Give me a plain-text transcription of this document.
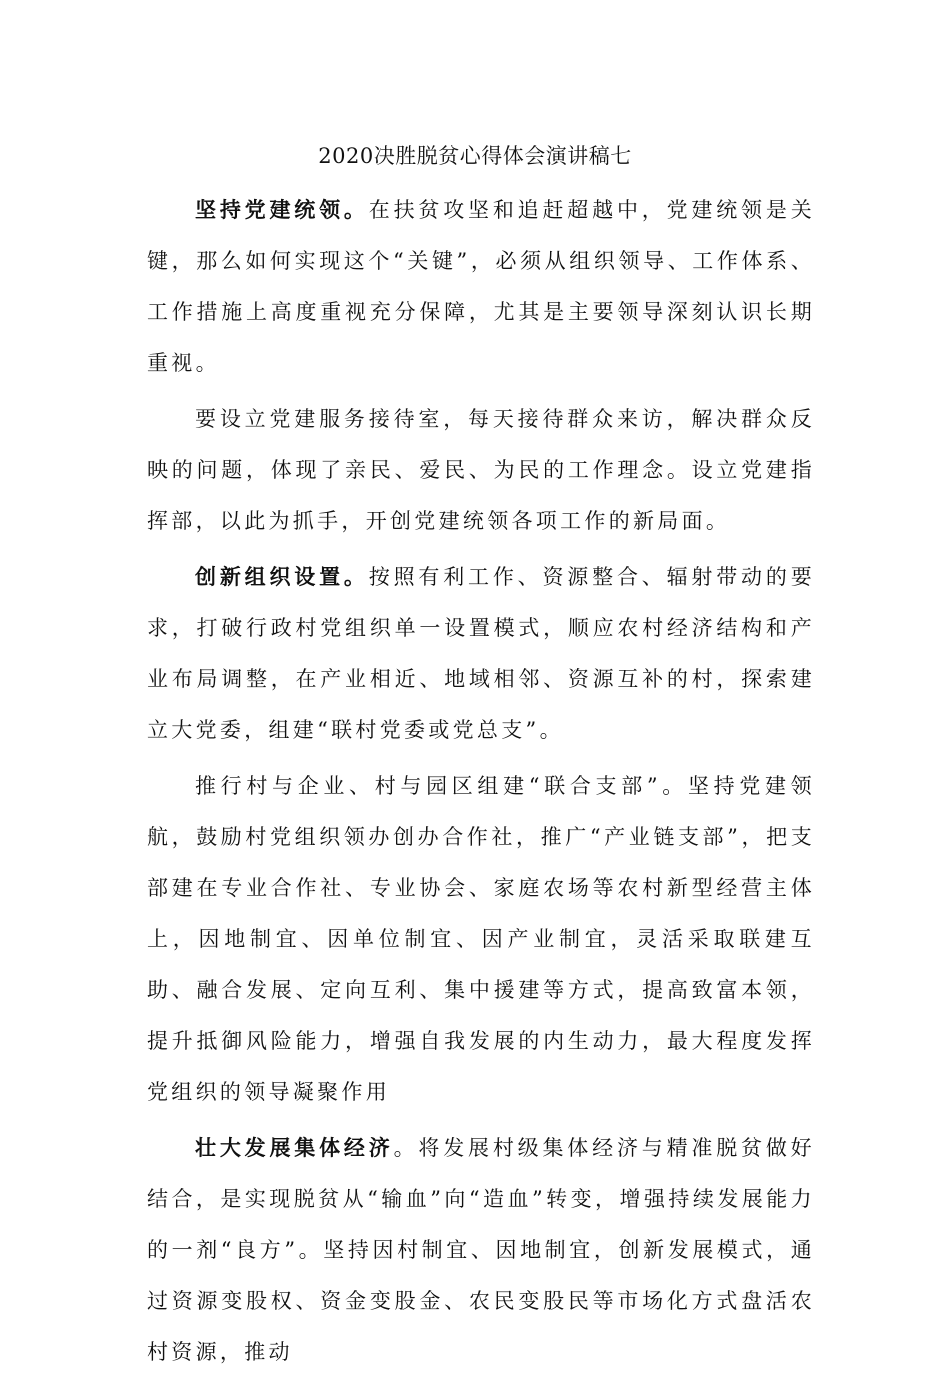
2020决胜脱贫心得体会演讲稿七

坚持党建统领。在扶贫攻坚和追赶超越中，党建统领是关键，那么如何实现这个“关键”，必须从组织领导、工作体系、工作措施上高度重视充分保障，尤其是主要领导深刻认识长期重视。

要设立党建服务接待室，每天接待群众来访，解决群众反映的问题，体现了亲民、爱民、为民的工作理念。设立党建指挥部，以此为抓手，开创党建统领各项工作的新局面。

创新组织设置。按照有利工作、资源整合、辐射带动的要求，打破行政村党组织单一设置模式，顺应农村经济结构和产业布局调整，在产业相近、地域相邻、资源互补的村，探索建立大党委，组建“联村党委或党总支”。

推行村与企业、村与园区组建“联合支部”。坚持党建领航，鼓励村党组织领办创办合作社，推广“产业链支部”，把支部建在专业合作社、专业协会、家庭农场等农村新型经营主体上，因地制宜、因单位制宜、因产业制宜，灵活采取联建互助、融合发展、定向互利、集中援建等方式，提高致富本领，提升抵御风险能力，增强自我发展的内生动力，最大程度发挥党组织的领导凝聚作用

壮大发展集体经济。将发展村级集体经济与精准脱贫做好结合，是实现脱贫从“输血”向“造血”转变，增强持续发展能力的一剂“良方”。坚持因村制宜、因地制宜，创新发展模式，通过资源变股权、资金变股金、农民变股民等市场化方式盘活农村资源，推动
